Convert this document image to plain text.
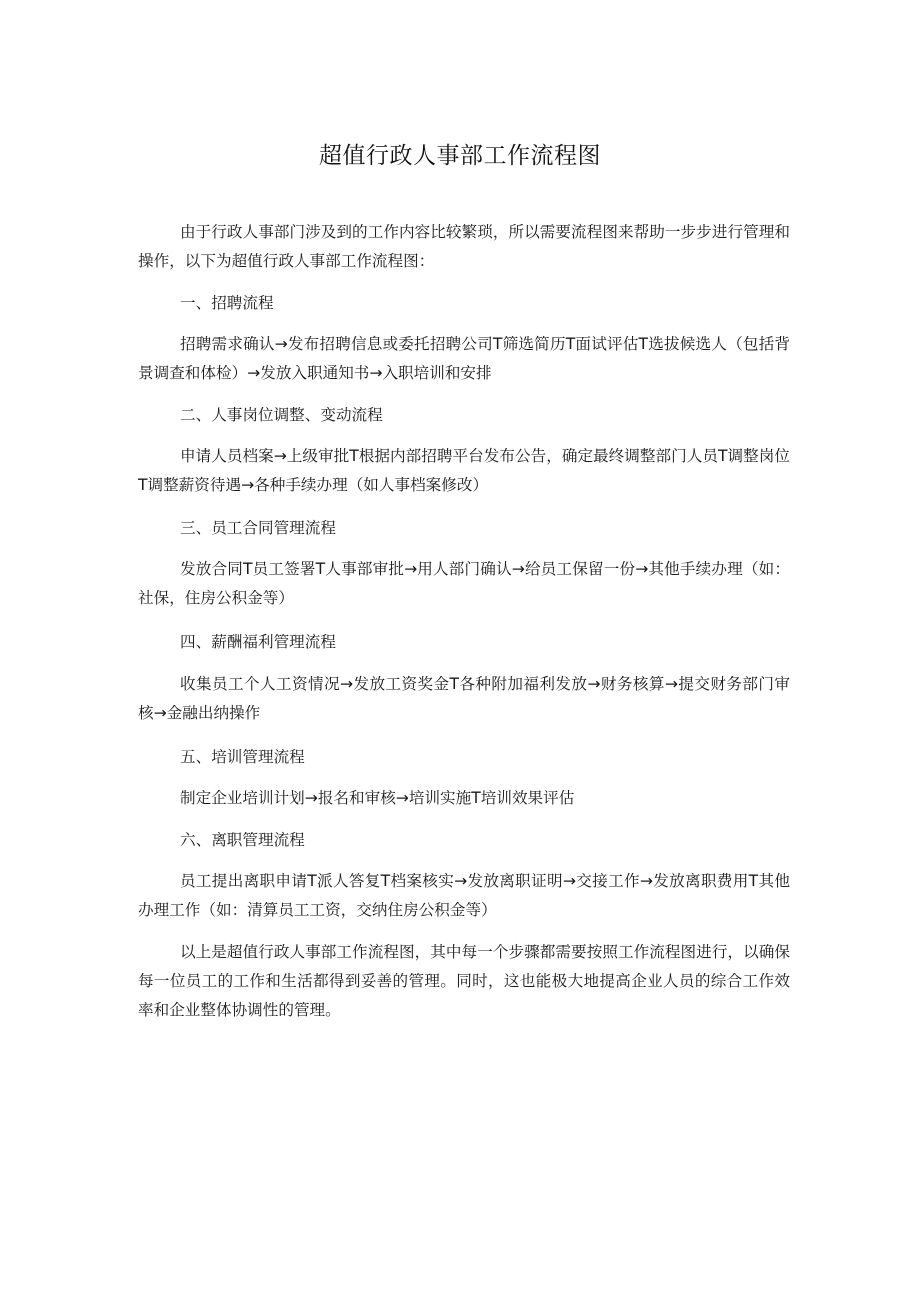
超值行政人事部工作流程图

由于行政人事部门涉及到的工作内容比较繁琐，所以需要流程图来帮助一步步进行管理和操作，以下为超值行政人事部工作流程图：

一、招聘流程

招聘需求确认→发布招聘信息或委托招聘公司T筛选简历T面试评估T选拔候选人（包括背景调查和体检）→发放入职通知书→入职培训和安排

二、人事岗位调整、变动流程

申请人员档案→上级审批T根据内部招聘平台发布公告，确定最终调整部门人员T调整岗位T调整薪资待遇→各种手续办理（如人事档案修改）

三、员工合同管理流程

发放合同T员工签署T人事部审批→用人部门确认→给员工保留一份→其他手续办理（如：社保，住房公积金等）

四、薪酬福利管理流程

收集员工个人工资情况→发放工资奖金T各种附加福利发放→财务核算→提交财务部门审核→金融出纳操作

五、培训管理流程

制定企业培训计划→报名和审核→培训实施T培训效果评估

六、离职管理流程

员工提出离职申请T派人答复T档案核实→发放离职证明→交接工作→发放离职费用T其他办理工作（如：清算员工工资，交纳住房公积金等）

以上是超值行政人事部工作流程图，其中每一个步骤都需要按照工作流程图进行，以确保每一位员工的工作和生活都得到妥善的管理。同时，这也能极大地提高企业人员的综合工作效率和企业整体协调性的管理。
